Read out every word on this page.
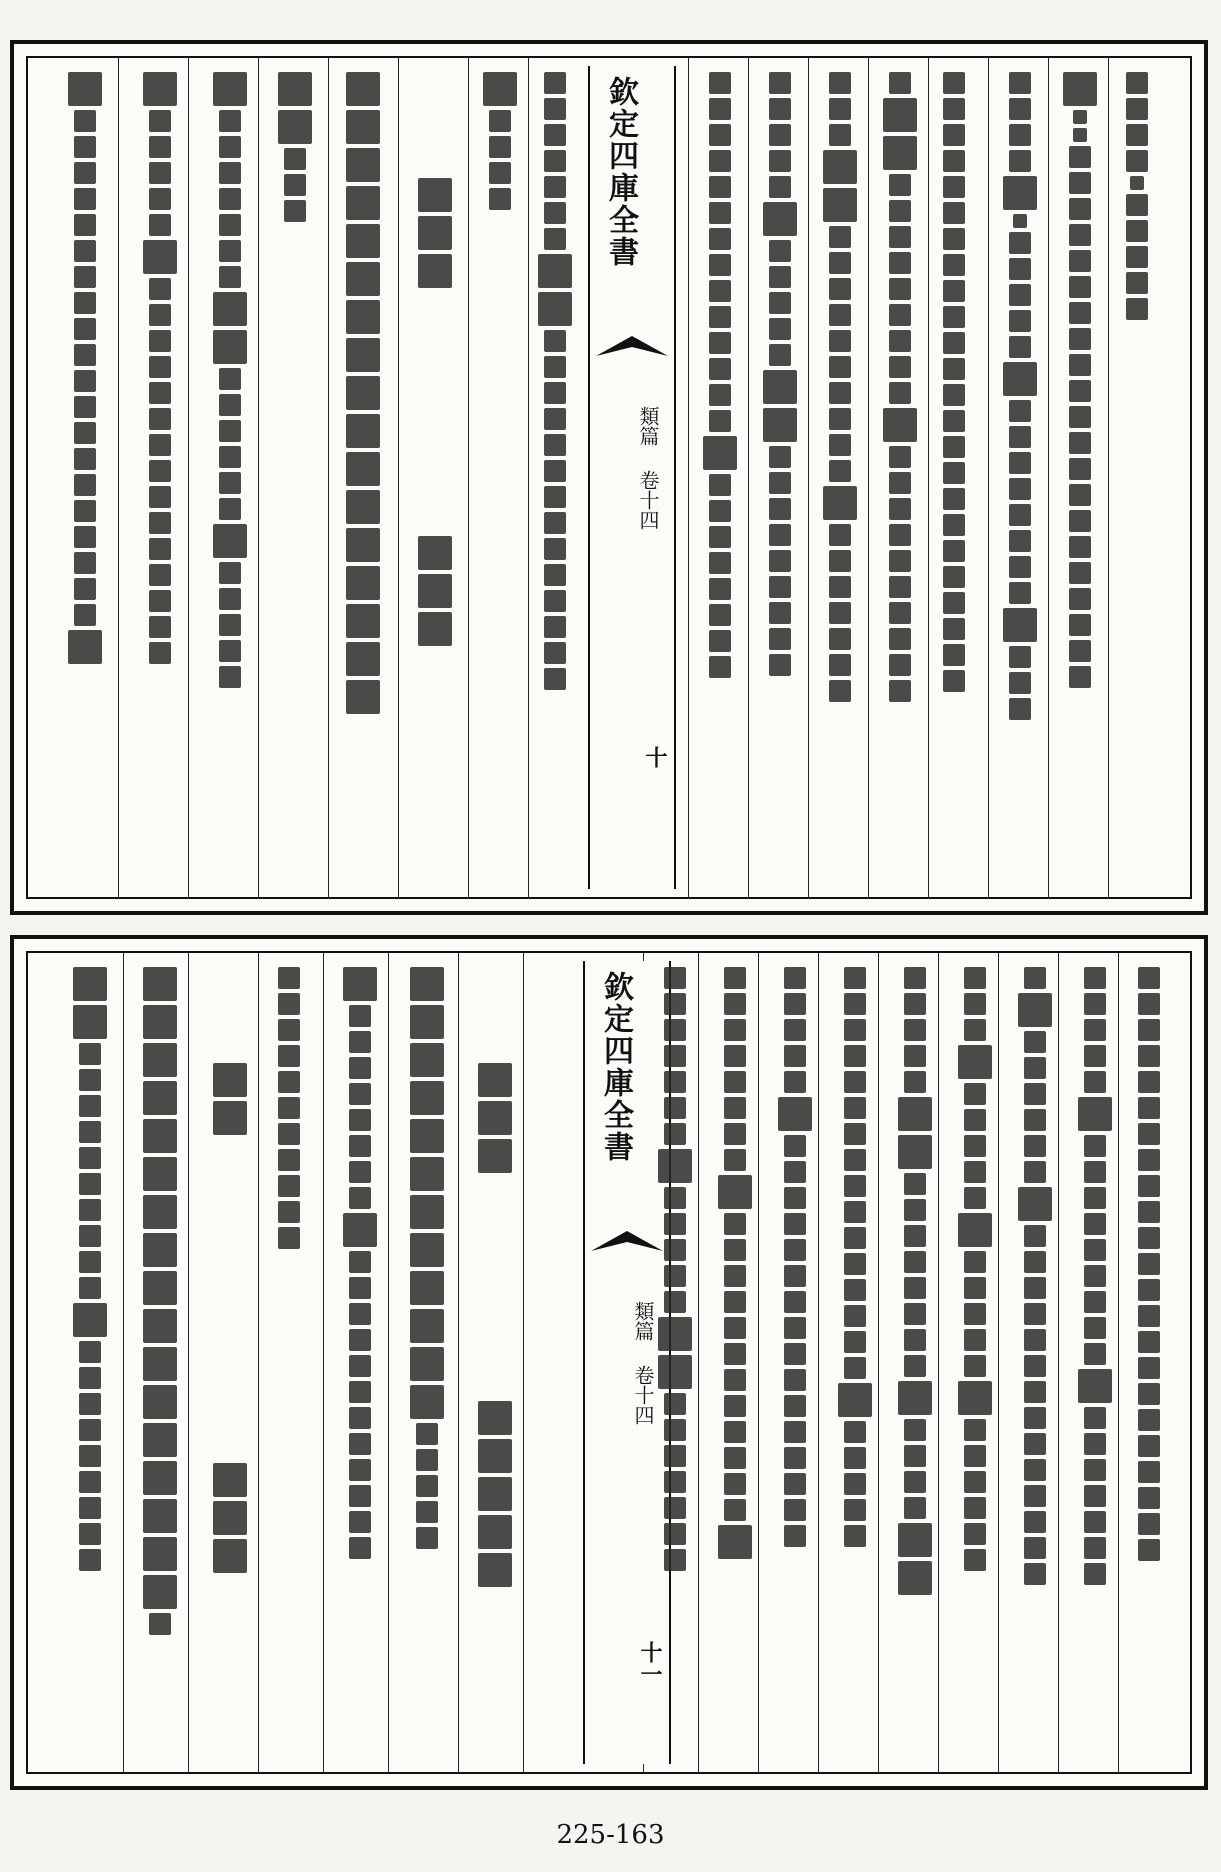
欽定四庫全書
類篇 卷十四
十
欽定四庫全書
類篇 卷十四
十一
225-163
